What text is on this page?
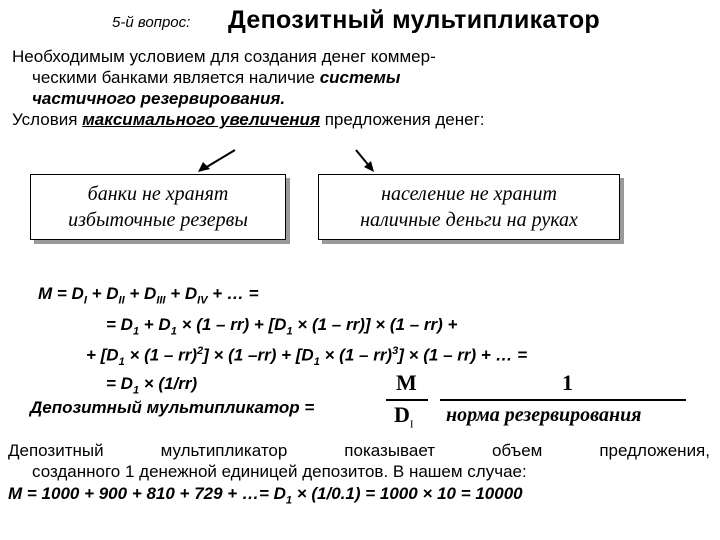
5-й вопрос: Депозитный мультипликатор
Необходимым условием для создания денег коммер-
ческими банками является наличие системы
частичного резервирования.
Условия максимального увеличения предложения денег:
банки не хранят
избыточные резервы
население не хранит
наличные деньги на руках
$M = D_I + D_{II} + D_{III} + D_{IV}$ + … =
= $D_1 + D_1 \times (1 - rr) + [D_1 \times (1 - rr)] \times (1 - rr)$ +
+ $[D_1 \times (1 - rr)^2] \times (1$ $-rr) + [D_1 \times (1 - rr)^3] \times (1 - rr)$ + … =
= $D_1 \times (1/rr)$
Депозитный мультипликатор =
M
$D_I$
1
норма резервирования
Депозитный мультипликатор показывает объем предложения,
созданного 1 денежной единицей депозитов. В нашем случае:
M = 1000 + 900 + 810 + 729 + …= $D_1 \times (1/0.1) = 1000 \times 10 = 10000$
